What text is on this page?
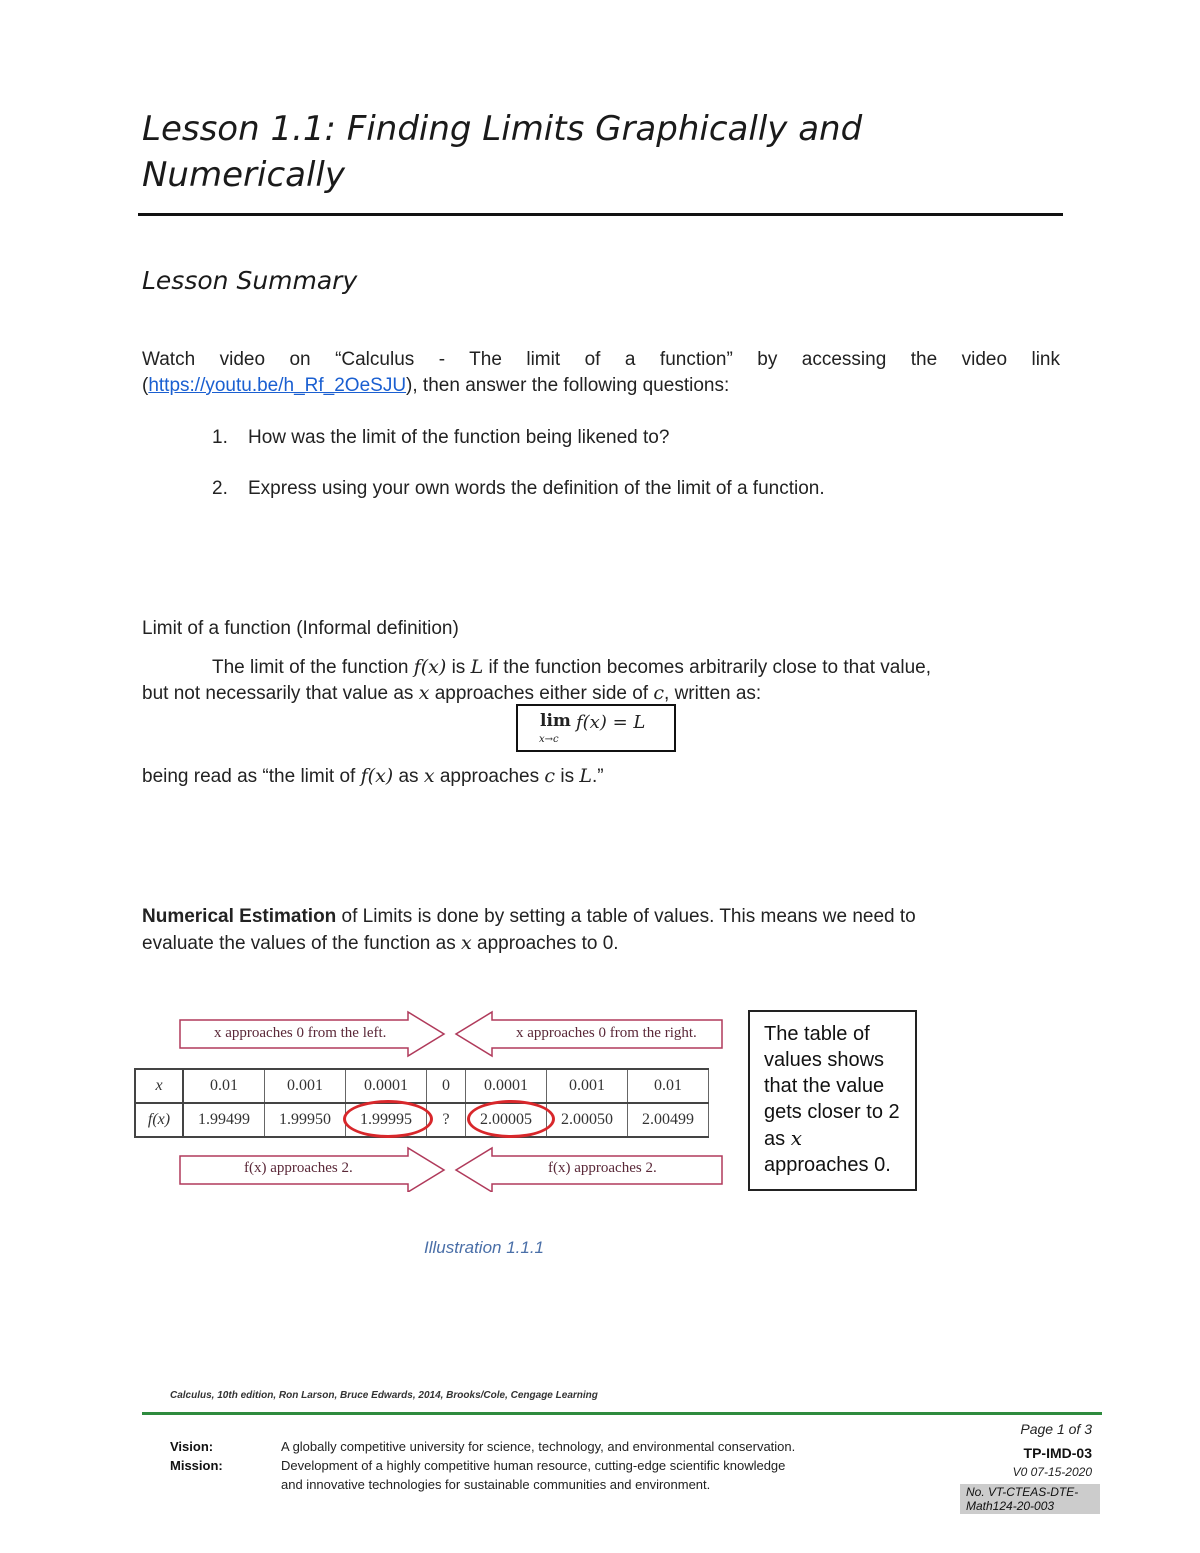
Lesson 1.1: Finding Limits Graphically and
Numerically
Lesson Summary
Watch video on “Calculus - The limit of a function” by accessing the video link
(https://youtu.be/h_Rf_2OeSJU), then answer the following questions:
1. How was the limit of the function being likened to?
2. Express using your own words the definition of the limit of a function.
Limit of a function (Informal definition)
The limit of the function f(x) is L if the function becomes arbitrarily close to that value,
but not necessarily that value as x approaches either side of c, written as:
lim
x→c
f(x) = L
being read as “the limit of f(x) as x approaches c is L.”
Numerical Estimation of Limits is done by setting a table of values. This means we need to
evaluate the values of the function as x approaches to 0.
x approaches 0 from the left.	x approaches 0 from the right.
f(x) approaches 2.	f(x) approaches 2.
x	0.01	0.001	0.0001	0	0.0001	0.001	0.01
f(x)	1.99499	1.99950	1.99995	?	2.00005	2.00050	2.00499
The table of values shows that the value gets closer to 2 as x approaches 0.
Illustration 1.1.1
Calculus, 10th edition, Ron Larson, Bruce Edwards, 2014, Brooks/Cole, Cengage Learning
Vision:
Mission:
A globally competitive university for science, technology, and environmental conservation.
Development of a highly competitive human resource, cutting-edge scientific knowledge
and innovative technologies for sustainable communities and environment.
Page 1 of 3
TP-IMD-03
V0 07-15-2020
No. VT-CTEAS-DTE-
Math124-20-003
